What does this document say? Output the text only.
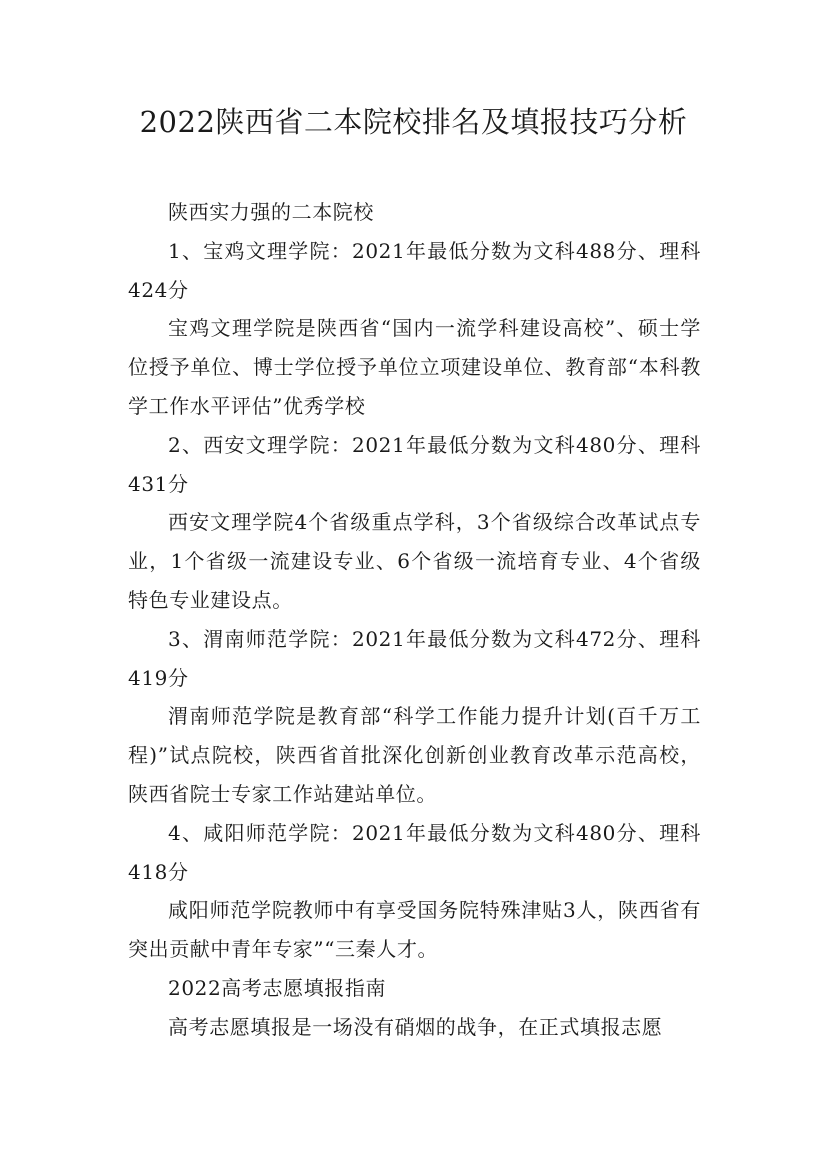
2022陕西省二本院校排名及填报技巧分析

陕西实力强的二本院校

1、宝鸡文理学院：2021年最低分数为文科488分、理科424分

宝鸡文理学院是陕西省“国内一流学科建设高校”、硕士学位授予单位、博士学位授予单位立项建设单位、教育部“本科教学工作水平评估”优秀学校

2、西安文理学院：2021年最低分数为文科480分、理科431分

西安文理学院4个省级重点学科，3个省级综合改革试点专业，1个省级一流建设专业、6个省级一流培育专业、4个省级特色专业建设点。

3、渭南师范学院：2021年最低分数为文科472分、理科419分

渭南师范学院是教育部“科学工作能力提升计划(百千万工程)”试点院校，陕西省首批深化创新创业教育改革示范高校，陕西省院士专家工作站建站单位。

4、咸阳师范学院：2021年最低分数为文科480分、理科418分

咸阳师范学院教师中有享受国务院特殊津贴3人，陕西省有突出贡献中青年专家”“三秦人才。

2022高考志愿填报指南

高考志愿填报是一场没有硝烟的战争，在正式填报志愿
